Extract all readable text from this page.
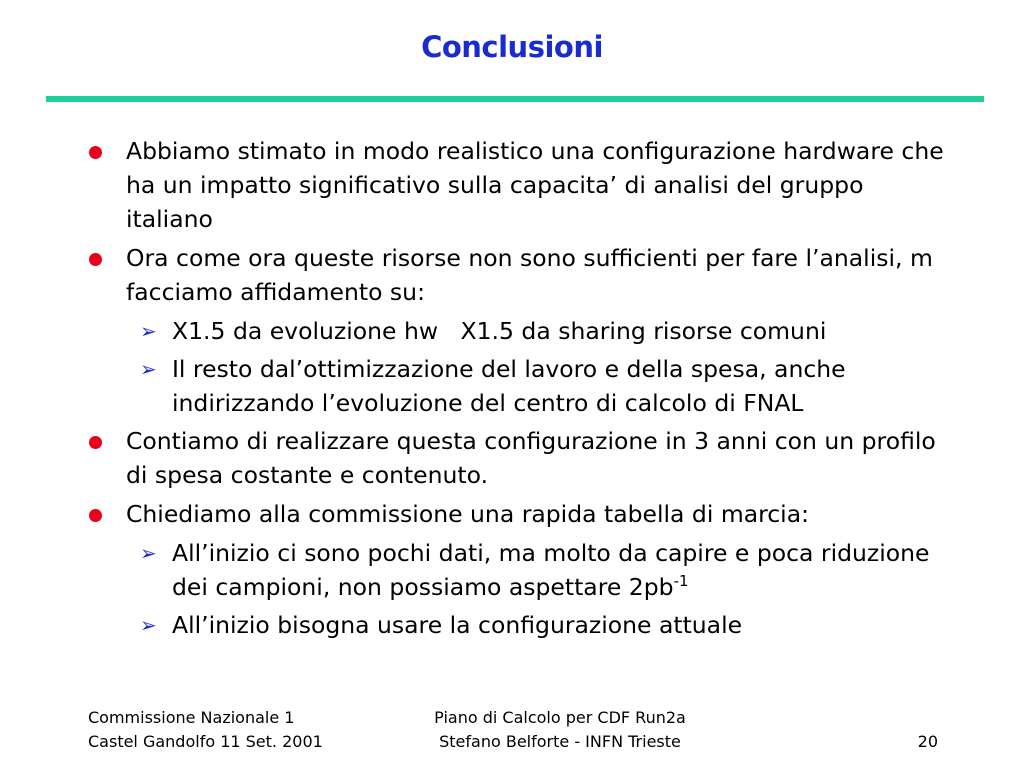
Conclusioni
Abbiamo stimato in modo realistico una configurazione hardware che ha un impatto significativo sulla capacita’ di analisi del gruppo italiano
Ora come ora queste risorse non sono sufficienti per fare l’analisi, m facciamo affidamento su:
➢ X1.5 da evoluzione hw   X1.5 da sharing risorse comuni
➢ Il resto dal’ottimizzazione del lavoro e della spesa, anche indirizzando l’evoluzione del centro di calcolo di FNAL
Contiamo di realizzare questa configurazione in 3 anni con un profilo di spesa costante e contenuto.
Chiediamo alla commissione una rapida tabella di marcia:
➢ All’inizio ci sono pochi dati, ma molto da capire e poca riduzione dei campioni, non possiamo aspettare $2pb^{-1}$
➢ All’inizio bisogna usare la configurazione attuale
Commissione Nazionale 1
Castel Gandolfo 11 Set. 2001
Piano di Calcolo per CDF Run2a
Stefano Belforte - INFN Trieste	20
